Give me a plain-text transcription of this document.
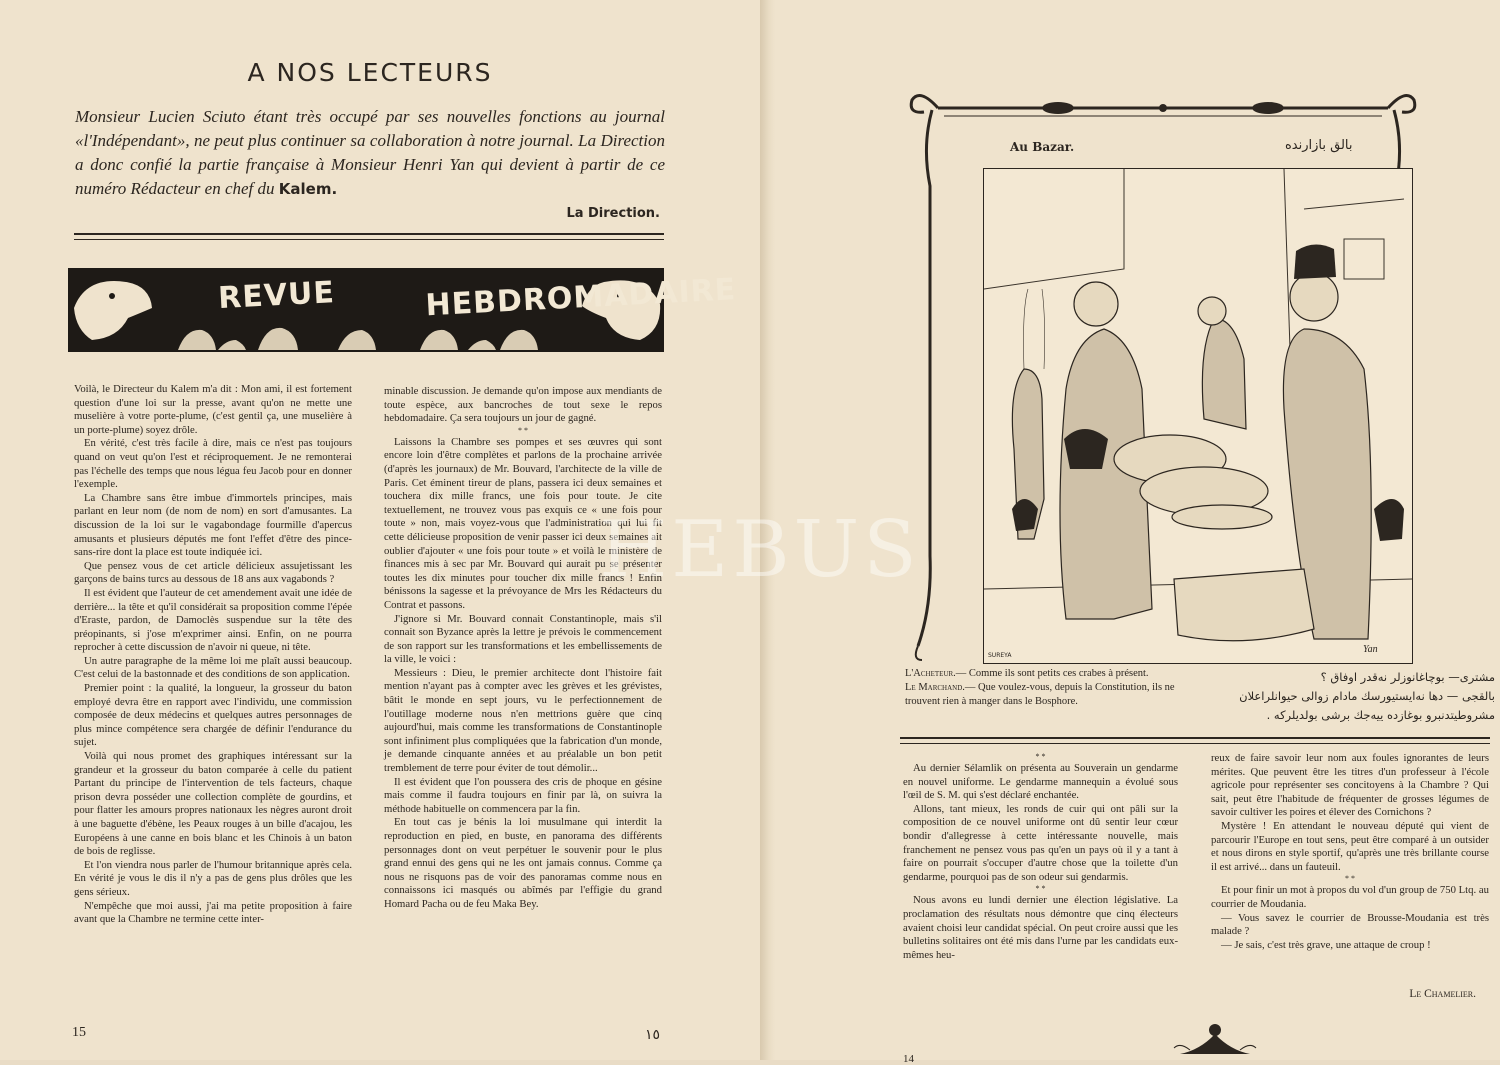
A NOS LECTEURS

Monsieur Lucien Sciuto étant très occupé par ses nouvelles fonctions au journal «l'Indépendant», ne peut plus continuer sa collaboration à notre journal. La Direction a donc confié la partie française à Monsieur Henri Yan qui devient à partir de ce numéro Rédacteur en chef du Kalem.

La Direction.
REVUE	HEBDROMADAIRE

Voilà, le Directeur du Kalem m'a dit : Mon ami, il est fortement question d'une loi sur la presse, avant qu'on ne mette une muselière à votre porte-plume, (c'est gentil ça, une muselière à un porte-plume) soyez drôle.

En vérité, c'est très facile à dire, mais ce n'est pas toujours quand on veut qu'on l'est et réciproquement. Je ne remonterai pas l'échelle des temps que nous légua feu Jacob pour en donner l'exemple.

La Chambre sans être imbue d'immortels principes, mais parlant en leur nom (de nom de nom) en sort d'amusantes. La discussion de la loi sur le vagabondage fourmille d'apercus amusants et plusieurs députés me font l'effet d'être des pince-sans-rire dont la place est toute indiquée ici.

Que pensez vous de cet article délicieux assujetissant les garçons de bains turcs au dessous de 18 ans aux vagabonds ?

Il est évident que l'auteur de cet amendement avait une idée de derrière... la tête et qu'il considérait sa proposition comme l'épée d'Eraste, pardon, de Damoclès suspendue sur la tête des préopinants, si j'ose m'exprimer ainsi. Enfin, on ne pourra reprocher à cette discussion de n'avoir ni queue, ni tête.

Un autre paragraphe de la même loi me plaît aussi beaucoup. C'est celui de la bastonnade et des conditions de son application.

Premier point : la qualité, la longueur, la grosseur du baton employé devra être en rapport avec l'individu, une commission composée de deux médecins et quelques autres personnages de plus mince compétence sera chargée de définir l'endurance du sujet.

Voilà qui nous promet des graphiques intéressant sur la grandeur et la grosseur du baton comparée à celle du patient Partant du principe de l'intervention de tels facteurs, chaque prison devra posséder une collection complète de gourdins, et pour flatter les amours propres nationaux les nègres auront droit à une baguette d'ébène, les Peaux rouges à un bille d'acajou, les Européens à une canne en bois blanc et les Chinois à un baton de bois de reglisse.

Et l'on viendra nous parler de l'humour britannique après cela. En vérité je vous le dis il n'y a pas de gens plus drôles que les gens sérieux.

N'empêche que moi aussi, j'ai ma petite proposition à faire avant que la Chambre ne termine cette inter-

minable discussion. Je demande qu'on impose aux mendiants de toute espèce, aux bancroches de tout sexe le repos hebdomadaire. Ça sera toujours un jour de gagné.

* *

Laissons la Chambre ses pompes et ses œuvres qui sont encore loin d'être complètes et parlons de la prochaine arrivée (d'après les journaux) de Mr. Bouvard, l'architecte de la ville de Paris. Cet éminent tireur de plans, passera ici deux semaines et touchera dix mille francs, une fois pour toute. Je cite textuellement, ne trouvez vous pas exquis ce « une fois pour toute » non, mais voyez-vous que l'administration qui lui fit cette délicieuse proposition de venir passer ici deux semaines ait oublier d'ajouter « une fois pour toute » et voilà le ministère de finances mis à sec par Mr. Bouvard qui aurait pu se présenter toutes les dix minutes pour toucher dix mille francs ! Enfin bénissons la sagesse et la prévoyance de Mrs les Rédacteurs du Contrat et passons.

J'ignore si Mr. Bouvard connait Constantinople, mais s'il connait son Byzance après la lettre je prévois le commencement de son rapport sur les transformations et les embellissements de la ville, le voici :

Messieurs : Dieu, le premier architecte dont l'histoire fait mention n'ayant pas à compter avec les grèves et les grévistes, bâtit le monde en sept jours, vu le perfectionnement de l'outillage moderne nous n'en mettrions guère que cinq aujourd'hui, mais comme les transformations de Constantinople sont infiniment plus compliquées que la fabrication d'un monde, je demande cinquante années et au préalable un bon petit tremblement de terre pour éviter de tout démolir...

Il est évident que l'on poussera des cris de phoque en gésine mais comme il faudra toujours en finir par là, on suivra la méthode habituelle on commencera par la fin.

En tout cas je bénis la loi musulmane qui interdit la reproduction en pied, en buste, en panorama des différents personnages dont on veut perpétuer le souvenir pour le plus grand ennui des gens qui ne les ont jamais connus. Comme ça nous ne risquons pas de voir des panoramas comme nous en connaissons ici masqués ou abîmés par l'effigie du grand Homard Pacha ou de feu Maka Bey.

15	١٥
Au Bazar.	بالق بازارنده
SUREYA
Yan

L'Acheteur.— Comme ils sont petits ces crabes à présent.

Le Marchand.— Que voulez-vous, depuis la Constitution, ils ne trouvent rien à manger dans le Bosphore.

مشتری— بوچاغانوزلر نەقدر اوفاق ؟

بالقجی — دها نەایستیورسك مادام زوالی حیوانلراعلان

مشروطیتدنبرو بوغازده ییەجك برشی بولدیلرکه .

* *

Au dernier Sélamlik on présenta au Souverain un gendarme en nouvel uniforme. Le gendarme mannequin a évolué sous l'œil de S. M. qui s'est déclaré enchantée.

Allons, tant mieux, les ronds de cuir qui ont pâli sur la composition de ce nouvel uniforme ont dû sentir leur cœur bondir d'allegresse à cette intéressante nouvelle, mais franchement ne pensez vous pas qu'en un pays où il y a tant à faire on pourrait s'occuper d'autre chose que la toilette d'un gendarme, pourquoi pas de son odeur sui gendarmis.

* *

Nous avons eu lundi dernier une élection législative. La proclamation des résultats nous démontre que cinq électeurs avaient choisi leur candidat spécial. On peut croire aussi que les bulletins solitaires ont été mis dans l'urne par les candidats eux-mêmes heu-

reux de faire savoir leur nom aux foules ignorantes de leurs mérites. Que peuvent être les titres d'un professeur à l'école agricole pour représenter ses concitoyens à la Chambre ? Qui sait, peut être l'habitude de fréquenter de grosses légumes de savoir cultiver les poires et élever des Cornichons ?

Mystère ! En attendant le nouveau député qui vient de parcourir l'Europe en tout sens, peut être comparé à un outsider et nous dirons en style sportif, qu'après une très brillante course il est arrivé... dans un fauteuil.

* *

Et pour finir un mot à propos du vol d'un group de 750 Ltq. au courrier de Moudania.

— Vous savez le courrier de Brousse-Moudania est très malade ?

— Je sais, c'est très grave, une attaque de croup !

Le Chamelier.
14
HEBUS
